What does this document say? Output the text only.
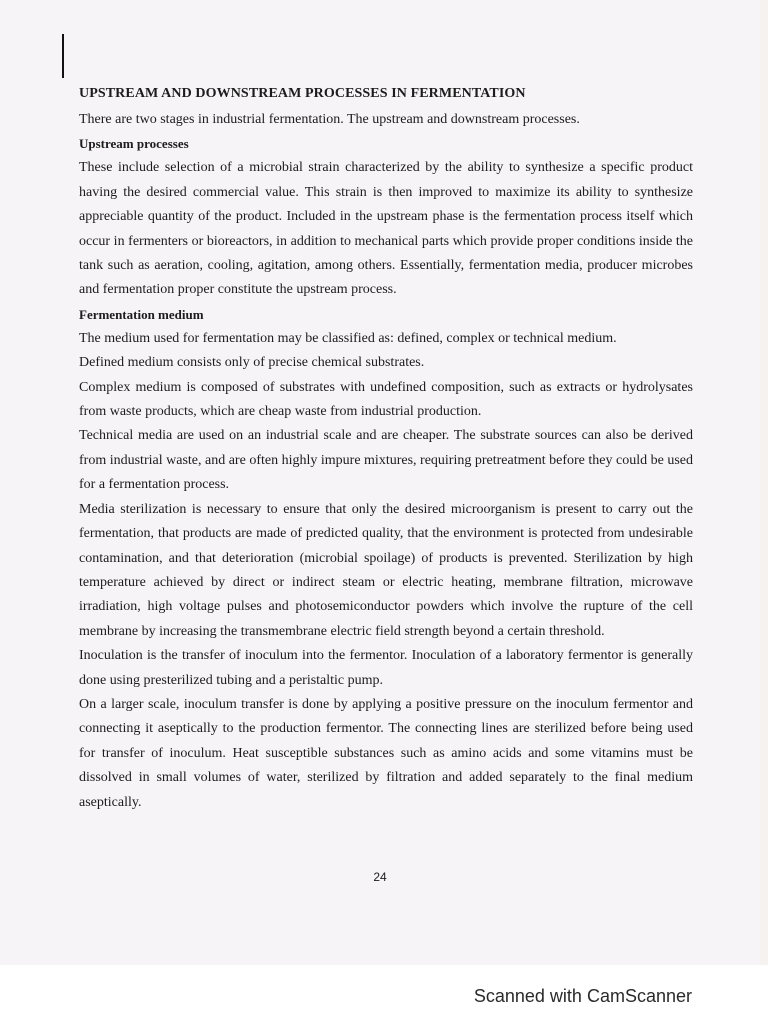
UPSTREAM AND DOWNSTREAM PROCESSES IN FERMENTATION

There are two stages in industrial fermentation. The upstream and downstream processes.

Upstream processes

These include selection of a microbial strain characterized by the ability to synthesize a specific product having the desired commercial value. This strain is then improved to maximize its ability to synthesize appreciable quantity of the product. Included in the upstream phase is the fermentation process itself which occur in fermenters or bioreactors, in addition to mechanical parts which provide proper conditions inside the tank such as aeration, cooling, agitation, among others. Essentially, fermentation media, producer microbes and fermentation proper constitute the upstream process.

Fermentation medium

The medium used for fermentation may be classified as: defined, complex or technical medium.

Defined medium consists only of precise chemical substrates.

Complex medium is composed of substrates with undefined composition, such as extracts or hydrolysates from waste products, which are cheap waste from industrial production.

Technical media are used on an industrial scale and are cheaper. The substrate sources can also be derived from industrial waste, and are often highly impure mixtures, requiring pretreatment before they could be used for a fermentation process.

Media sterilization is necessary to ensure that only the desired microorganism is present to carry out the fermentation, that products are made of predicted quality, that the environment is protected from undesirable contamination, and that deterioration (microbial spoilage) of products is prevented. Sterilization by high temperature achieved by direct or indirect steam or electric heating, membrane filtration, microwave irradiation, high voltage pulses and photosemiconductor powders which involve the rupture of the cell membrane by increasing the transmembrane electric field strength beyond a certain threshold.

Inoculation is the transfer of inoculum into the fermentor. Inoculation of a laboratory fermentor is generally done using presterilized tubing and a peristaltic pump.

On a larger scale, inoculum transfer is done by applying a positive pressure on the inoculum fermentor and connecting it aseptically to the production fermentor. The connecting lines are sterilized before being used for transfer of inoculum. Heat susceptible substances such as amino acids and some vitamins must be dissolved in small volumes of water, sterilized by filtration and added separately to the final medium aseptically.

24
Scanned with CamScanner
